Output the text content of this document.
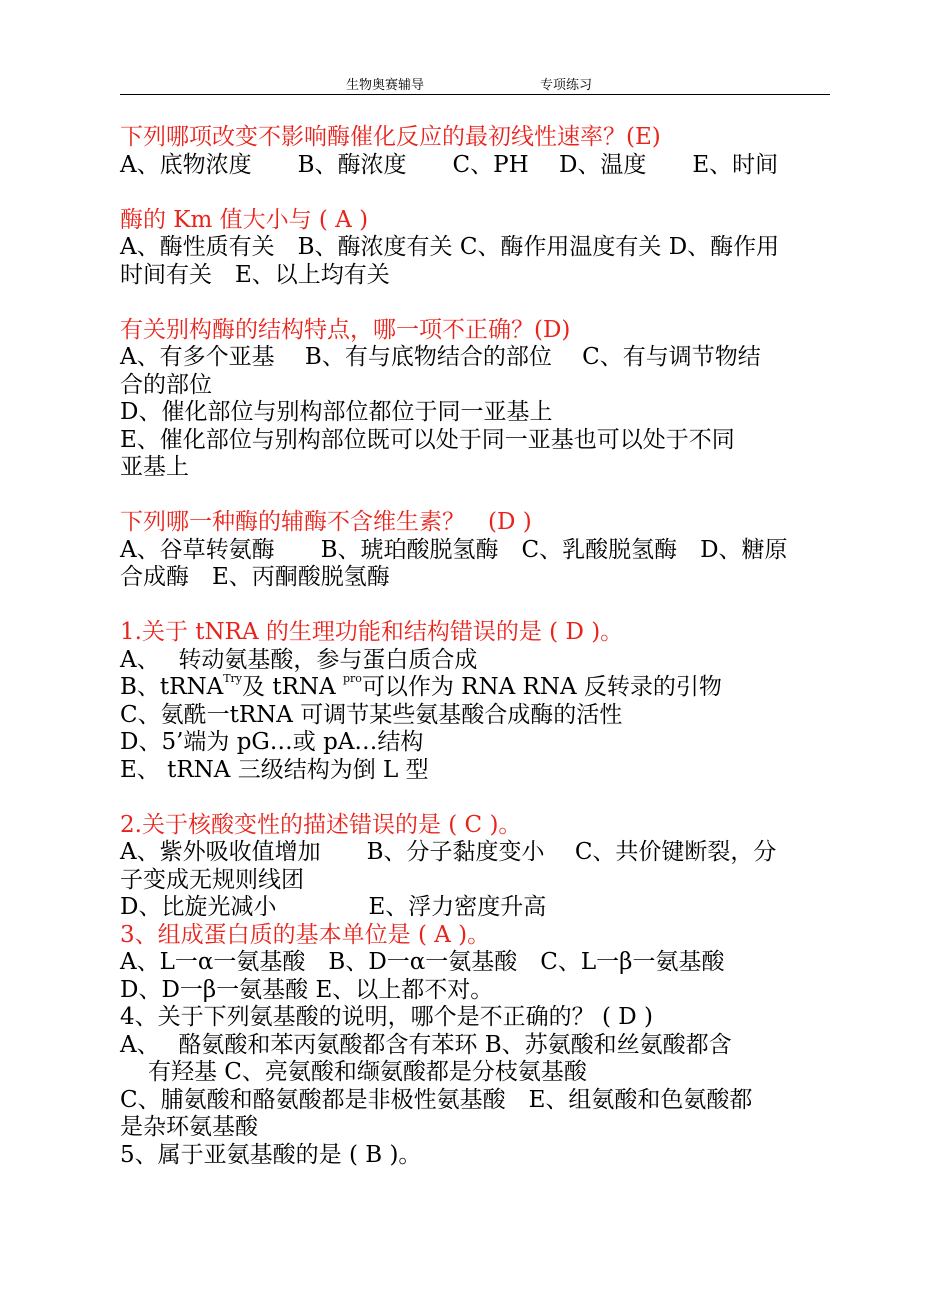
生物奥赛辅导	专项练习

下列哪项改变不影响酶催化反应的最初线性速率？(E)

A、底物浓度　　B、酶浓度　　C、PH　 D、温度　　E、时间

酶的 Km 值大小与 ( A )

A、酶性质有关　B、酶浓度有关 C、酶作用温度有关 D、酶作用

时间有关　E、以上均有关

有关别构酶的结构特点，哪一项不正确？(D)

A、有多个亚基　 B、有与底物结合的部位　 C、有与调节物结

合的部位

D、催化部位与别构部位都位于同一亚基上

E、催化部位与别构部位既可以处于同一亚基也可以处于不同

亚基上

下列哪一种酶的辅酶不含维生素？　(D )

A、谷草转氨酶　　B、琥珀酸脱氢酶　C、乳酸脱氢酶　D、糖原

合成酶　E、丙酮酸脱氢酶

1.关于 tNRA 的生理功能和结构错误的是 ( D )。

A、　 转动氨基酸，参与蛋白质合成

B、tRNA$^{Try}$及 tRNA $^{pro}$可以作为 RNA RNA 反转录的引物

C、氨酰一tRNA 可调节某些氨基酸合成酶的活性

D、5’端为 pG…或 pA…结构

E、 tRNA 三级结构为倒 L 型

2.关于核酸变性的描述错误的是 ( C )。

A、紫外吸收值增加　　B、分子黏度变小　 C、共价键断裂，分

子变成无规则线团

D、比旋光减小　　　　E、浮力密度升高

3、组成蛋白质的基本单位是 ( A )。

A、L一α一氨基酸　B、D一α一氨基酸　C、L一β一氨基酸

D、D一β一氨基酸 E、以上都不对。

4、关于下列氨基酸的说明，哪个是不正确的？ ( D )

A、　 酪氨酸和苯丙氨酸都含有苯环 B、苏氨酸和丝氨酸都含

有羟基 C、亮氨酸和缬氨酸都是分枝氨基酸

C、脯氨酸和酪氨酸都是非极性氨基酸　E、组氨酸和色氨酸都

是杂环氨基酸

5、属于亚氨基酸的是 ( B )。
